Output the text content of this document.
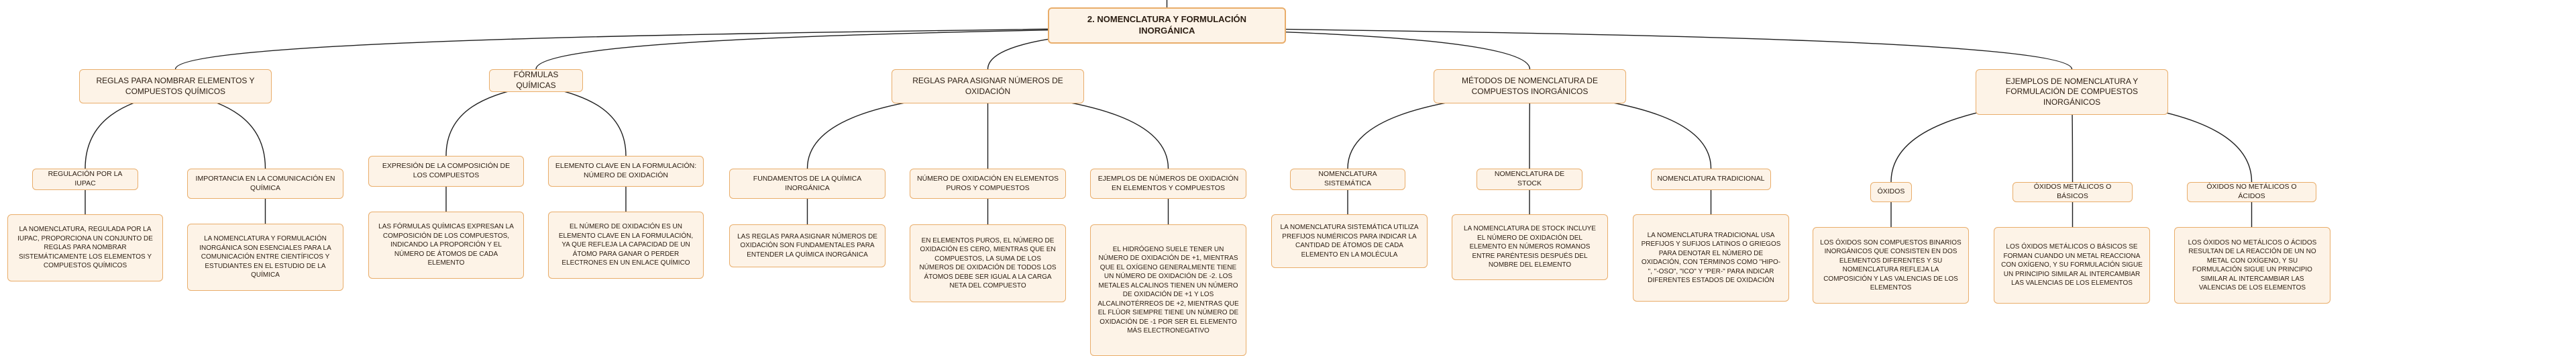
2. NOMENCLATURA Y FORMULACIÓN INORGÁNICA
REGLAS PARA NOMBRAR ELEMENTOS Y COMPUESTOS QUÍMICOS
REGULACIÓN POR LA IUPAC
LA NOMENCLATURA, REGULADA POR LA IUPAC, PROPORCIONA UN CONJUNTO DE REGLAS PARA NOMBRAR SISTEMÁTICAMENTE LOS ELEMENTOS Y COMPUESTOS QUÍMICOS
IMPORTANCIA EN LA COMUNICACIÓN EN QUÍMICA
LA NOMENCLATURA Y FORMULACIÓN INORGÁNICA SON ESENCIALES PARA LA COMUNICACIÓN ENTRE CIENTÍFICOS Y ESTUDIANTES EN EL ESTUDIO DE LA QUÍMICA
FÓRMULAS QUÍMICAS
EXPRESIÓN DE LA COMPOSICIÓN DE LOS COMPUESTOS
LAS FÓRMULAS QUÍMICAS EXPRESAN LA COMPOSICIÓN DE LOS COMPUESTOS, INDICANDO LA PROPORCIÓN Y EL NÚMERO DE ÁTOMOS DE CADA ELEMENTO
ELEMENTO CLAVE EN LA FORMULACIÓN: NÚMERO DE OXIDACIÓN
EL NÚMERO DE OXIDACIÓN ES UN ELEMENTO CLAVE EN LA FORMULACIÓN, YA QUE REFLEJA LA CAPACIDAD DE UN ÁTOMO PARA GANAR O PERDER ELECTRONES EN UN ENLACE QUÍMICO
REGLAS PARA ASIGNAR NÚMEROS DE OXIDACIÓN
FUNDAMENTOS DE LA QUÍMICA INORGÁNICA
LAS REGLAS PARA ASIGNAR NÚMEROS DE OXIDACIÓN SON FUNDAMENTALES PARA ENTENDER LA QUÍMICA INORGÁNICA
NÚMERO DE OXIDACIÓN EN ELEMENTOS PUROS Y COMPUESTOS
EN ELEMENTOS PUROS, EL NÚMERO DE OXIDACIÓN ES CERO, MIENTRAS QUE EN COMPUESTOS, LA SUMA DE LOS NÚMEROS DE OXIDACIÓN DE TODOS LOS ÁTOMOS DEBE SER IGUAL A LA CARGA NETA DEL COMPUESTO
EJEMPLOS DE NÚMEROS DE OXIDACIÓN EN ELEMENTOS Y COMPUESTOS
EL HIDRÓGENO SUELE TENER UN NÚMERO DE OXIDACIÓN DE +1, MIENTRAS QUE EL OXÍGENO GENERALMENTE TIENE UN NÚMERO DE OXIDACIÓN DE -2. LOS METALES ALCALINOS TIENEN UN NÚMERO DE OXIDACIÓN DE +1 Y LOS ALCALINOTÉRREOS DE +2, MIENTRAS QUE EL FLÚOR SIEMPRE TIENE UN NÚMERO DE OXIDACIÓN DE -1 POR SER EL ELEMENTO MÁS ELECTRONEGATIVO
MÉTODOS DE NOMENCLATURA DE COMPUESTOS INORGÁNICOS
NOMENCLATURA SISTEMÁTICA
LA NOMENCLATURA SISTEMÁTICA UTILIZA PREFIJOS NUMÉRICOS PARA INDICAR LA CANTIDAD DE ÁTOMOS DE CADA ELEMENTO EN LA MOLÉCULA
NOMENCLATURA DE STOCK
LA NOMENCLATURA DE STOCK INCLUYE EL NÚMERO DE OXIDACIÓN DEL ELEMENTO EN NÚMEROS ROMANOS ENTRE PARÉNTESIS DESPUÉS DEL NOMBRE DEL ELEMENTO
NOMENCLATURA TRADICIONAL
LA NOMENCLATURA TRADICIONAL USA PREFIJOS Y SUFIJOS LATINOS O GRIEGOS PARA DENOTAR EL NÚMERO DE OXIDACIÓN, CON TÉRMINOS COMO "HIPO-", "-OSO", "ICO" Y "PER-" PARA INDICAR DIFERENTES ESTADOS DE OXIDACIÓN
EJEMPLOS DE NOMENCLATURA Y FORMULACIÓN DE COMPUESTOS INORGÁNICOS
ÓXIDOS
LOS ÓXIDOS SON COMPUESTOS BINARIOS INORGÁNICOS QUE CONSISTEN EN DOS ELEMENTOS DIFERENTES Y SU NOMENCLATURA REFLEJA LA COMPOSICIÓN Y LAS VALENCIAS DE LOS ELEMENTOS
ÓXIDOS METÁLICOS O BÁSICOS
LOS ÓXIDOS METÁLICOS O BÁSICOS SE FORMAN CUANDO UN METAL REACCIONA CON OXÍGENO, Y SU FORMULACIÓN SIGUE UN PRINCIPIO SIMILAR AL INTERCAMBIAR LAS VALENCIAS DE LOS ELEMENTOS
ÓXIDOS NO METÁLICOS O ÁCIDOS
LOS ÓXIDOS NO METÁLICOS O ÁCIDOS RESULTAN DE LA REACCIÓN DE UN NO METAL CON OXÍGENO, Y SU FORMULACIÓN SIGUE UN PRINCIPIO SIMILAR AL INTERCAMBIAR LAS VALENCIAS DE LOS ELEMENTOS
